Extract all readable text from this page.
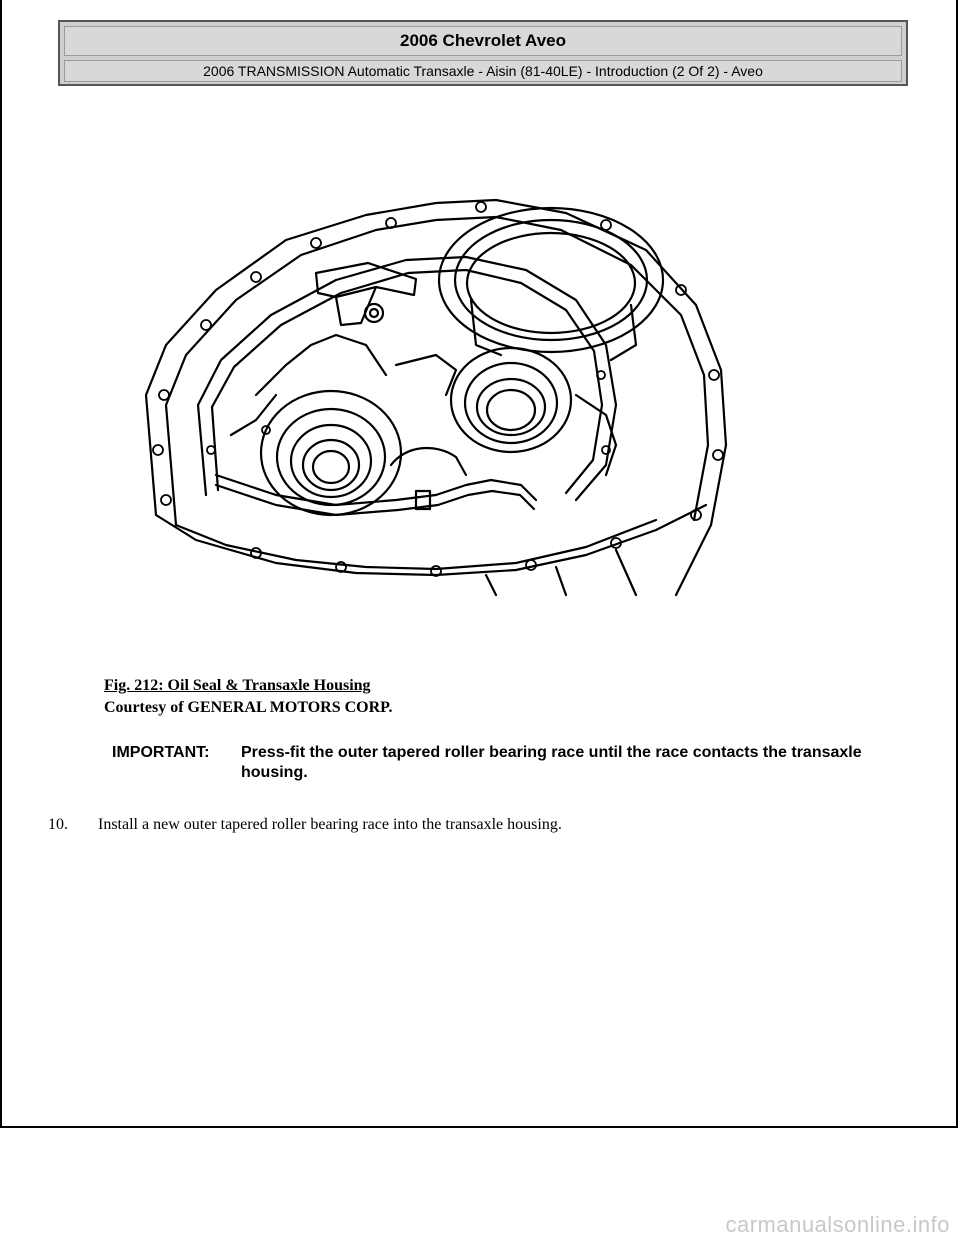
2006 Chevrolet Aveo
2006 TRANSMISSION Automatic Transaxle - Aisin (81-40LE) - Introduction (2 Of 2) - Aveo
Fig. 212: Oil Seal & Transaxle Housing
Courtesy of GENERAL MOTORS CORP.
IMPORTANT: Press-fit the outer tapered roller bearing race until the race contacts the transaxle housing.
10. Install a new outer tapered roller bearing race into the transaxle housing.
carmanualsonline.info
